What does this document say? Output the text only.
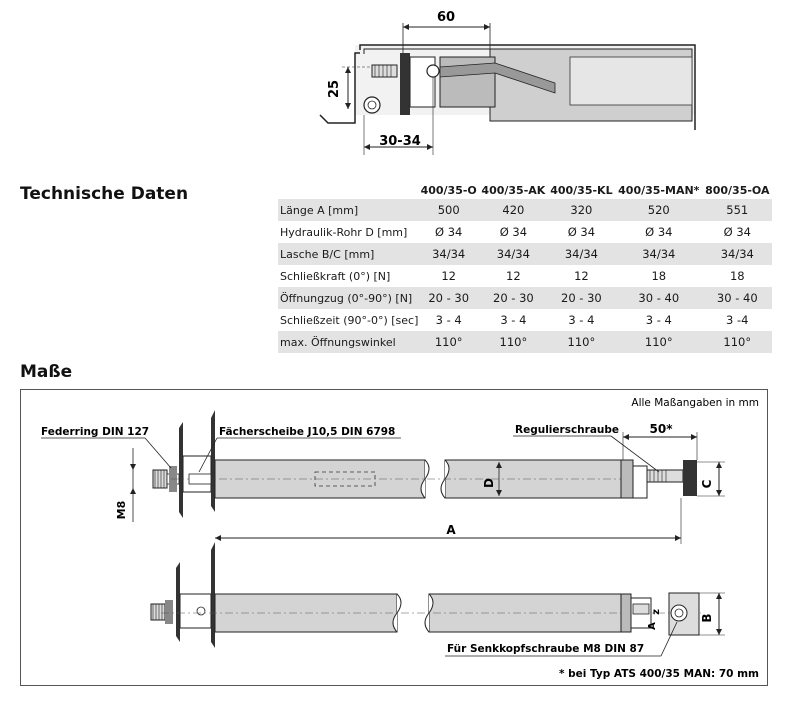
60
25
30-34
Technische Daten
		400/35-O	400/35-AK	400/35-KL	400/35-MAN*	800/35-OA
Länge A [mm]	500	420	320	520	551
Hydraulik-Rohr D [mm]	Ø 34	Ø 34	Ø 34	Ø 34	Ø 34
Lasche B/C [mm]	34/34	34/34	34/34	34/34	34/34
Schließkraft (0°) [N]	12	12	12	18	18
Öffnungzug (0°-90°) [N]	20 - 30	20 - 30	20 - 30	30 - 40	30 - 40
Schließzeit (90°-0°) [sec]	3 - 4	3 - 4	3 - 4	3 - 4	3 -4
max. Öffnungswinkel	110°	110°	110°	110°	110°
Maße
Alle Maßangaben in mm
Federring DIN 127	Fächerscheibe J10,5 DIN 6798	Regulierschraube	50*
C
D
M8
A
z
A
B
Für Senkkopfschraube M8 DIN 87
* bei Typ ATS 400/35 MAN: 70 mm
